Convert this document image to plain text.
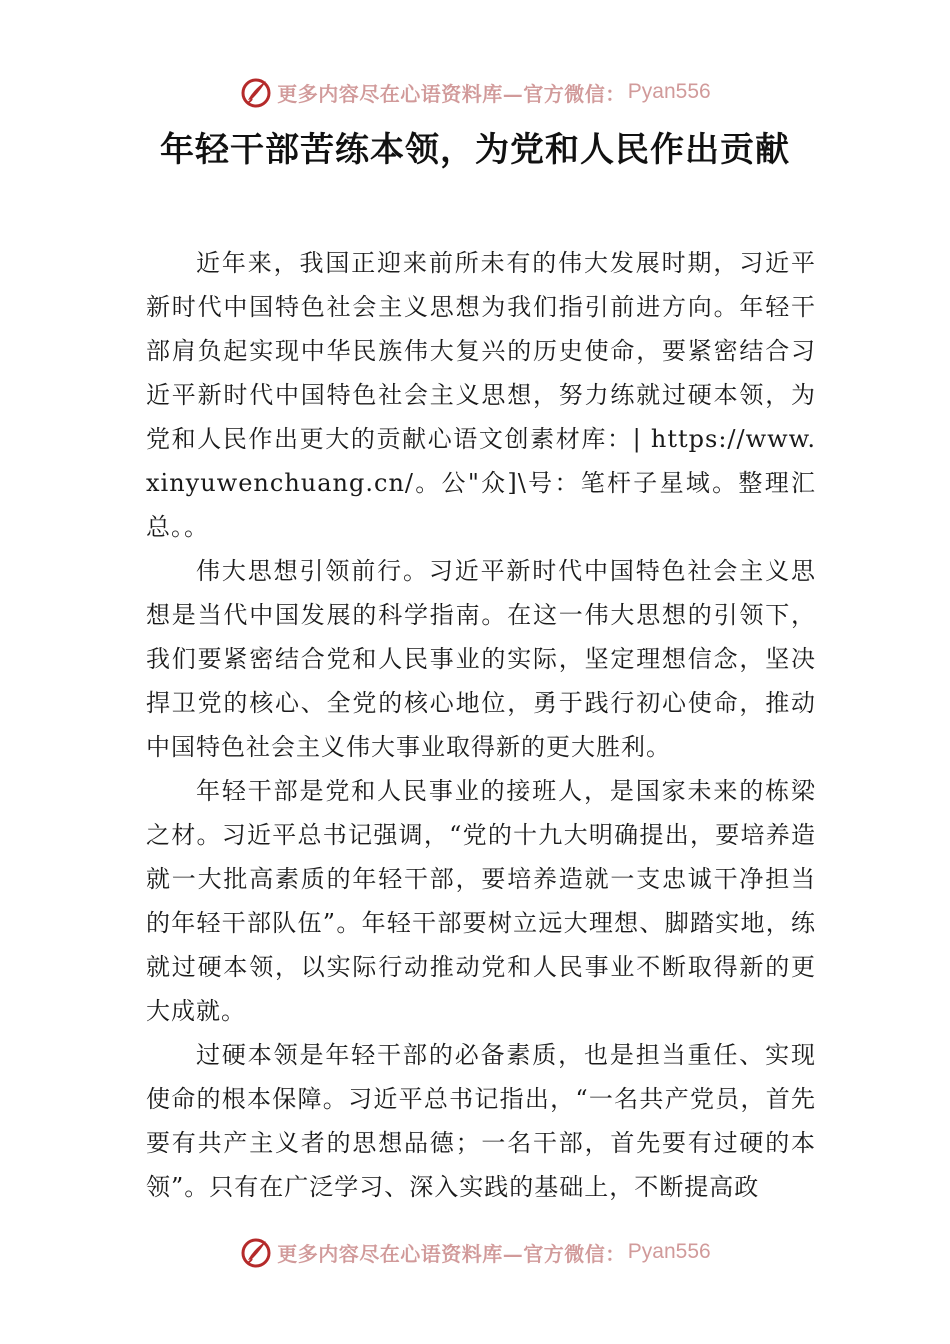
更多内容尽在心语资料库—官方微信： Pyan556
年轻干部苦练本领，为党和人民作出贡献

近年来，我国正迎来前所未有的伟大发展时期，习近平新时代中国特色社会主义思想为我们指引前进方向。年轻干部肩负起实现中华民族伟大复兴的历史使命，要紧密结合习近平新时代中国特色社会主义思想，努力练就过硬本领，为党和人民作出更大的贡献心语文创素材库：| https://www.xinyuwenchuang.cn/。公"众]\号：笔杆子星域。整理汇总。。

伟大思想引领前行。习近平新时代中国特色社会主义思想是当代中国发展的科学指南。在这一伟大思想的引领下， 我们要紧密结合党和人民事业的实际，坚定理想信念，坚决捍卫党的核心、全党的核心地位，勇于践行初心使命，推动中国特色社会主义伟大事业取得新的更大胜利。

年轻干部是党和人民事业的接班人，是国家未来的栋梁之材。习近平总书记强调，“党的十九大明确提出，要培养造就一大批高素质的年轻干部，要培养造就一支忠诚干净担当的年轻干部队伍”。年轻干部要树立远大理想、脚踏实地，练就过硬本领，以实际行动推动党和人民事业不断取得新的更大成就。

过硬本领是年轻干部的必备素质，也是担当重任、实现使命的根本保障。习近平总书记指出，“一名共产党员，首先要有共产主义者的思想品德；一名干部，首先要有过硬的本领”。只有在广泛学习、深入实践的基础上，不断提高政

更多内容尽在心语资料库—官方微信： Pyan556
